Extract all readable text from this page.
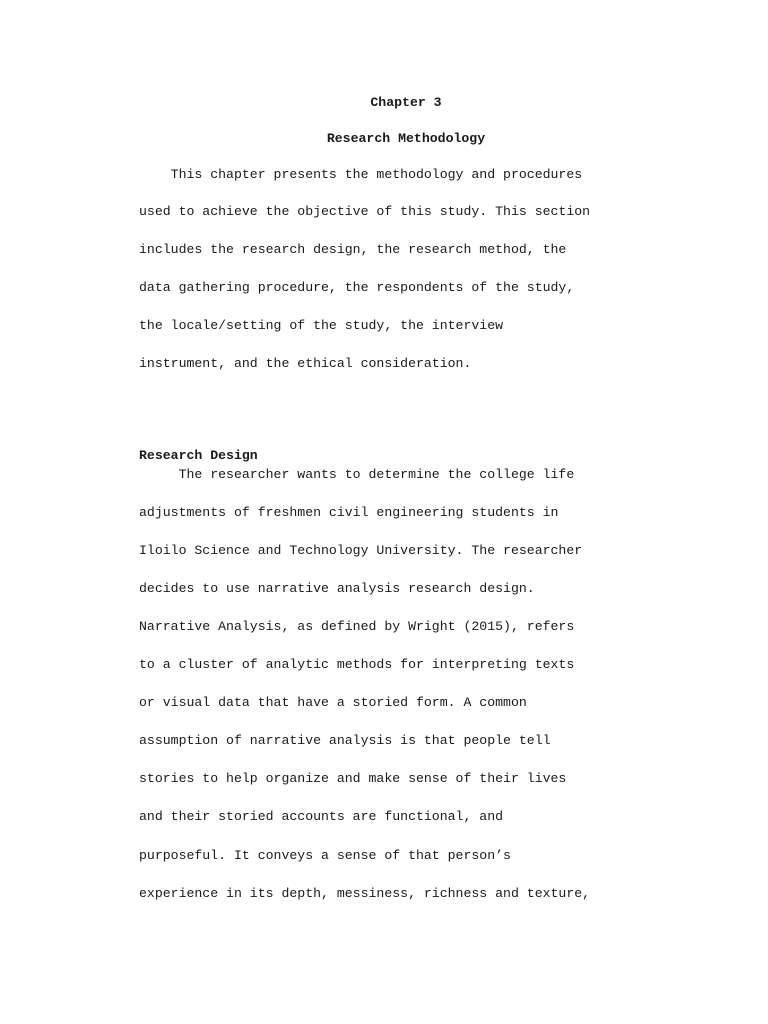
Chapter 3
Research Methodology
This chapter presents the methodology and procedures
used to achieve the objective of this study. This section
includes the research design, the research method, the
data gathering procedure, the respondents of the study,
the locale/setting of the study, the interview
instrument, and the ethical consideration.
Research Design
The researcher wants to determine the college life
adjustments of freshmen civil engineering students in
Iloilo Science and Technology University. The researcher
decides to use narrative analysis research design.
Narrative Analysis, as defined by Wright (2015), refers
to a cluster of analytic methods for interpreting texts
or visual data that have a storied form. A common
assumption of narrative analysis is that people tell
stories to help organize and make sense of their lives
and their storied accounts are functional, and
purposeful. It conveys a sense of that person’s
experience in its depth, messiness, richness and texture,
